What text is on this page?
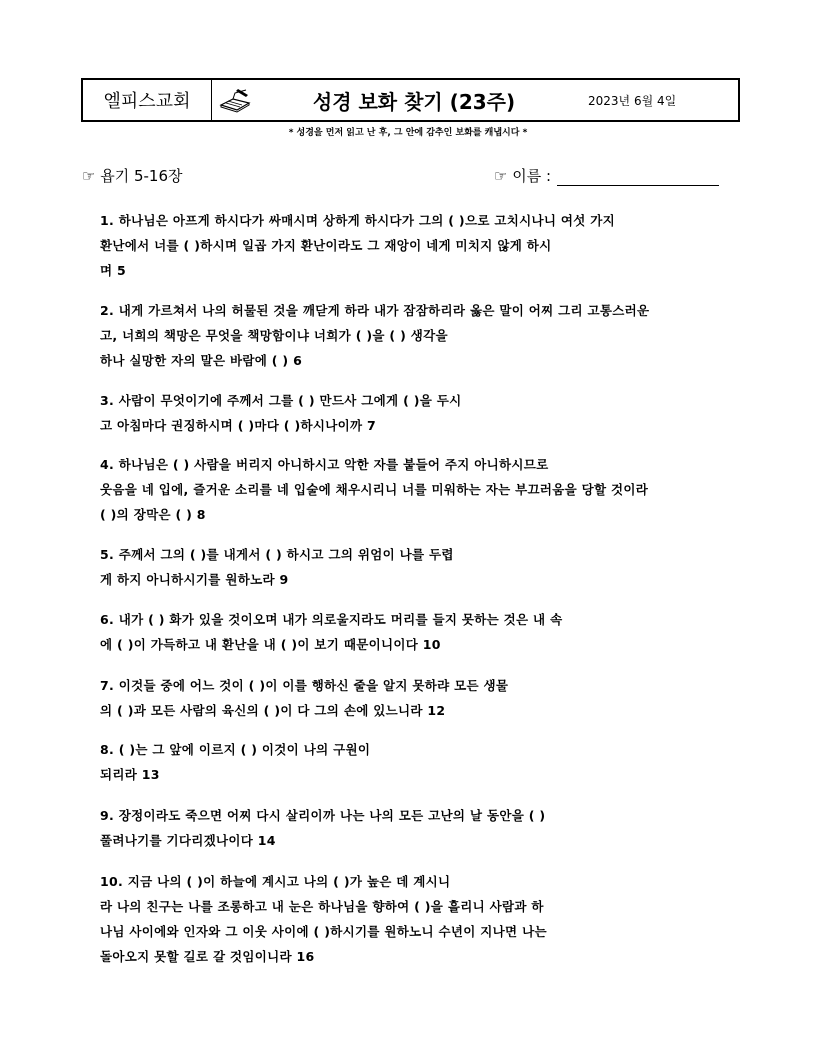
엘피스교회	성경 보화 찾기 (23주)	2023년 6월 4일
* 성경을 먼저 읽고 난 후, 그 안에 감추인 보화를 캐냅시다 *
☞ 욥기 5-16장	☞ 이름 :

1. 하나님은 아프게 하시다가 싸매시며 상하게 하시다가 그의 ( )으로 고치시나니 여섯 가지

환난에서 너를 ( )하시며 일곱 가지 환난이라도 그 재앙이 네게 미치지 않게 하시

며 5

2. 내게 가르쳐서 나의 허물된 것을 깨닫게 하라 내가 잠잠하리라 옳은 말이 어찌 그리 고통스러운

고, 너희의 책망은 무엇을 책망함이냐 너희가 ( )을 ( ) 생각을

하나 실망한 자의 말은 바람에 ( ) 6

3. 사람이 무엇이기에 주께서 그를 ( ) 만드사 그에게 ( )을 두시

고 아침마다 권징하시며 ( )마다 ( )하시나이까 7

4. 하나님은 ( ) 사람을 버리지 아니하시고 악한 자를 붙들어 주지 아니하시므로

웃음을 네 입에, 즐거운 소리를 네 입술에 채우시리니 너를 미워하는 자는 부끄러움을 당할 것이라

( )의 장막은 ( ) 8

5. 주께서 그의 ( )를 내게서 ( ) 하시고 그의 위엄이 나를 두렵

게 하지 아니하시기를 원하노라 9

6. 내가 ( ) 화가 있을 것이오며 내가 의로울지라도 머리를 들지 못하는 것은 내 속

에 ( )이 가득하고 내 환난을 내 ( )이 보기 때문이니이다 10

7. 이것들 중에 어느 것이 ( )이 이를 행하신 줄을 알지 못하랴 모든 생물

의 ( )과 모든 사람의 육신의 ( )이 다 그의 손에 있느니라 12

8. ( )는 그 앞에 이르지 ( ) 이것이 나의 구원이

되리라 13

9. 장정이라도 죽으면 어찌 다시 살리이까 나는 나의 모든 고난의 날 동안을 ( )

풀려나기를 기다리겠나이다 14

10. 지금 나의 ( )이 하늘에 계시고 나의 ( )가 높은 데 계시니

라 나의 친구는 나를 조롱하고 내 눈은 하나님을 향하여 ( )을 흘리니 사람과 하

나님 사이에와 인자와 그 이웃 사이에 ( )하시기를 원하노니 수년이 지나면 나는

돌아오지 못할 길로 갈 것임이니라 16
